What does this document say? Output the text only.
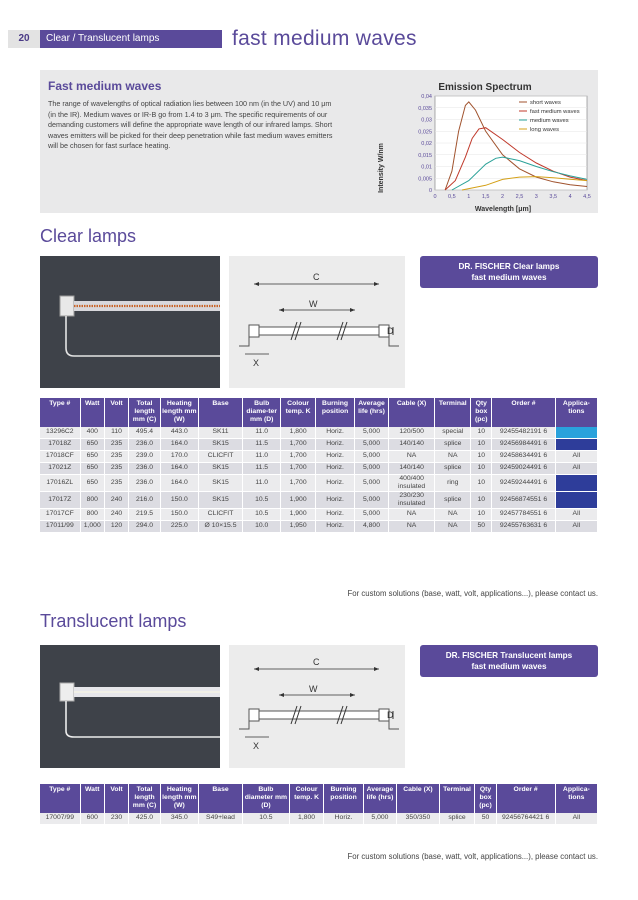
20	Clear / Translucent lamps	fast medium waves
Fast medium waves
The range of wavelengths of optical radiation lies between 100 nm (in the UV) and 10 μm (in the IR). Medium waves or IR-B go from 1.4 to 3 μm. The specific requirements of our demanding customers will define the appropriate wave length of our infrared lamps. Short waves emitters will be picked for their deep penetration while fast medium waves emitters will be chosen for fast surface heating.
Emission Spectrum
Intensity W/nm
Wavelength [μm]
0
0,005
0,01
0,015
0,02
0,025
0,03
0,035
0,04
0 0,5 1 1,5 2 2,5 3 3,5 4 4,5
short waves
fast medium waves
medium waves
long waves
Clear lamps
C
W
D
X
DR. FISCHER Clear lamps
fast medium waves
Type #	Watt	Volt	Total length mm (C)	Heating length mm (W)	Base	Bulb diame-ter mm (D)	Colour temp. K	Burning position	Average life (hrs)	Cable (X)	Terminal	Qty box (pc)	Order #	Applica-tions
13296C2	400	110	495.4	443.0	SK11	11.0	1,800	Horiz.	5,000	120/500	special	10	92455482191 6	
17018Z	650	235	236.0	164.0	SK15	11.5	1,700	Horiz.	5,000	140/140	splice	10	92456984491 6	
17018CF	650	235	239.0	170.0	CLICFIT	11.0	1,700	Horiz.	5,000	NA	NA	10	92458634491 6	All
17021Z	650	235	236.0	164.0	SK15	11.5	1,700	Horiz.	5,000	140/140	splice	10	92459024491 6	All
17016ZL	650	235	236.0	164.0	SK15	11.0	1,700	Horiz.	5,000	400/400 insulated	ring	10	92459244491 6	
17017Z	800	240	216.0	150.0	SK15	10.5	1,900	Horiz.	5,000	230/230 insulated	splice	10	92456874551 6	
17017CF	800	240	219.5	150.0	CLICFIT	10.5	1,900	Horiz.	5,000	NA	NA	10	92457784551 6	All
17011/99	1,000	120	294.0	225.0	Ø 10×15.5	10.0	1,950	Horiz.	4,800	NA	NA	50	92455763631 6	All
For custom solutions (base, watt, volt, applications...), please contact us.
Translucent lamps
C
W
D
X
DR. FISCHER Translucent lamps
fast medium waves
Type #	Watt	Volt	Total length mm (C)	Heating length mm (W)	Base	Bulb diameter mm (D)	Colour temp. K	Burning position	Average life (hrs)	Cable (X)	Terminal	Qty box (pc)	Order #	Applica-tions
17007/99	600	230	425.0	345.0	S49+lead	10.5	1,800	Horiz.	5,000	350/350	splice	50	92456764421 6	All
For custom solutions (base, watt, volt, applications...), please contact us.
